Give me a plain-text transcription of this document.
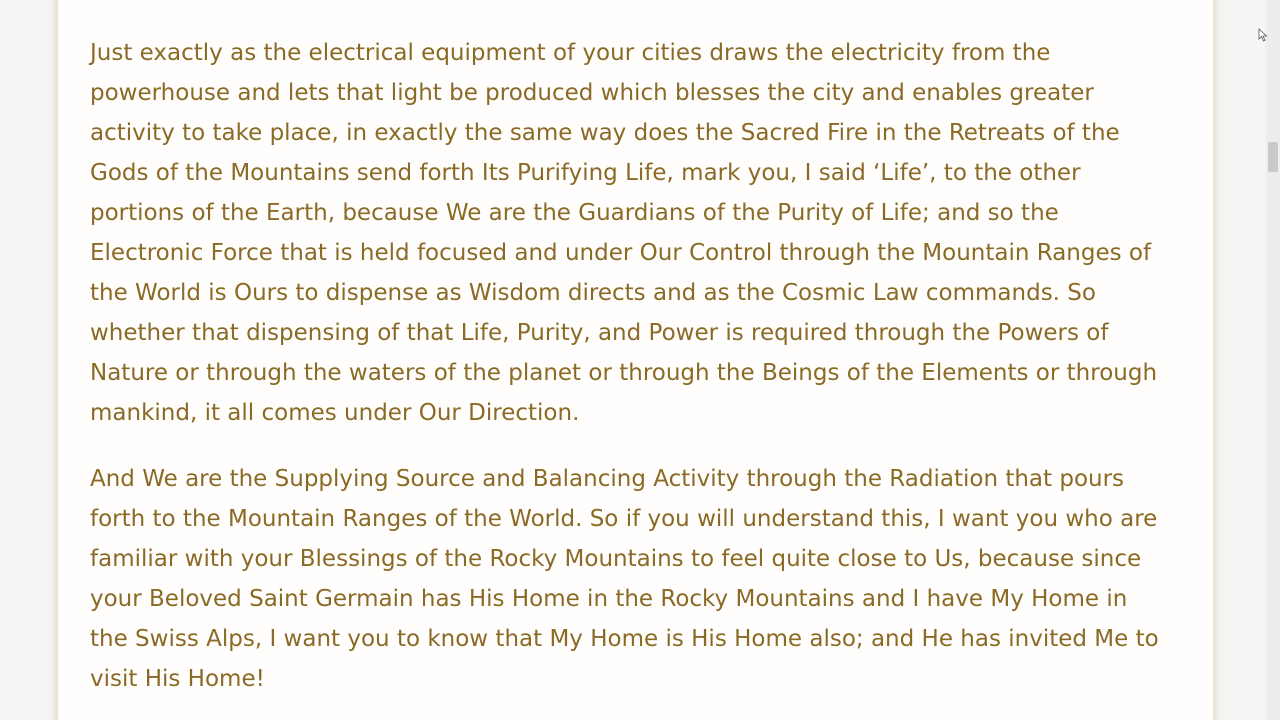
Just exactly as the electrical equipment of your cities draws the electricity from the powerhouse and lets that light be produced which blesses the city and enables greater activity to take place, in exactly the same way does the Sacred Fire in the Retreats of the Gods of the Mountains send forth Its Purifying Life, mark you, I said ‘Life’, to the other portions of the Earth, because We are the Guardians of the Purity of Life; and so the Electronic Force that is held focused and under Our Control through the Mountain Ranges of the World is Ours to dispense as Wisdom directs and as the Cosmic Law commands. So whether that dispensing of that Life, Purity, and Power is required through the Powers of Nature or through the waters of the planet or through the Beings of the Elements or through mankind, it all comes under Our Direction.

And We are the Supplying Source and Balancing Activity through the Radiation that pours forth to the Mountain Ranges of the World. So if you will understand this, I want you who are familiar with your Blessings of the Rocky Mountains to feel quite close to Us, because since your Beloved Saint Germain has His Home in the Rocky Mountains and I have My Home in the Swiss Alps, I want you to know that My Home is His Home also; and He has invited Me to visit His Home!
